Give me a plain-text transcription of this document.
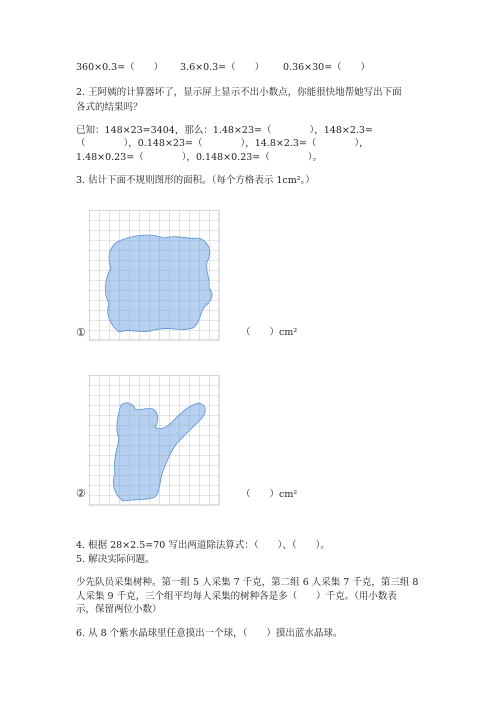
360×0.3=（　　） 3.6×0.3=（　　） 0.36×30=（　　）
2. 王阿姨的计算器坏了，显示屏上显示不出小数点，你能很快地帮她写出下面
各式的结果吗？
已知：148×23=3404，那么：1.48×23=（　　　　），148×2.3=
（　　　　），0.148×23=（　　　　），14.8×2.3=（　　　　），
1.48×0.23=（　　　　），0.148×0.23=（　　　　）。
3. 估计下面不规则图形的面积。（每个方格表示 1cm²。）
①	（　　）cm²
②	（　　）cm²
4. 根据 28×2.5=70 写出两道除法算式：（　　）、（　　）。
5. 解决实际问题。
少先队员采集树种。第一组 5 人采集 7 千克，第二组 6 人采集 7 千克，第三组 8
人采集 9 千克，三个组平均每人采集的树种各是多（　　）千克。（用小数表
示，保留两位小数）
6. 从 8 个紫水晶球里任意摸出一个球，（　　）摸出蓝水晶球。
